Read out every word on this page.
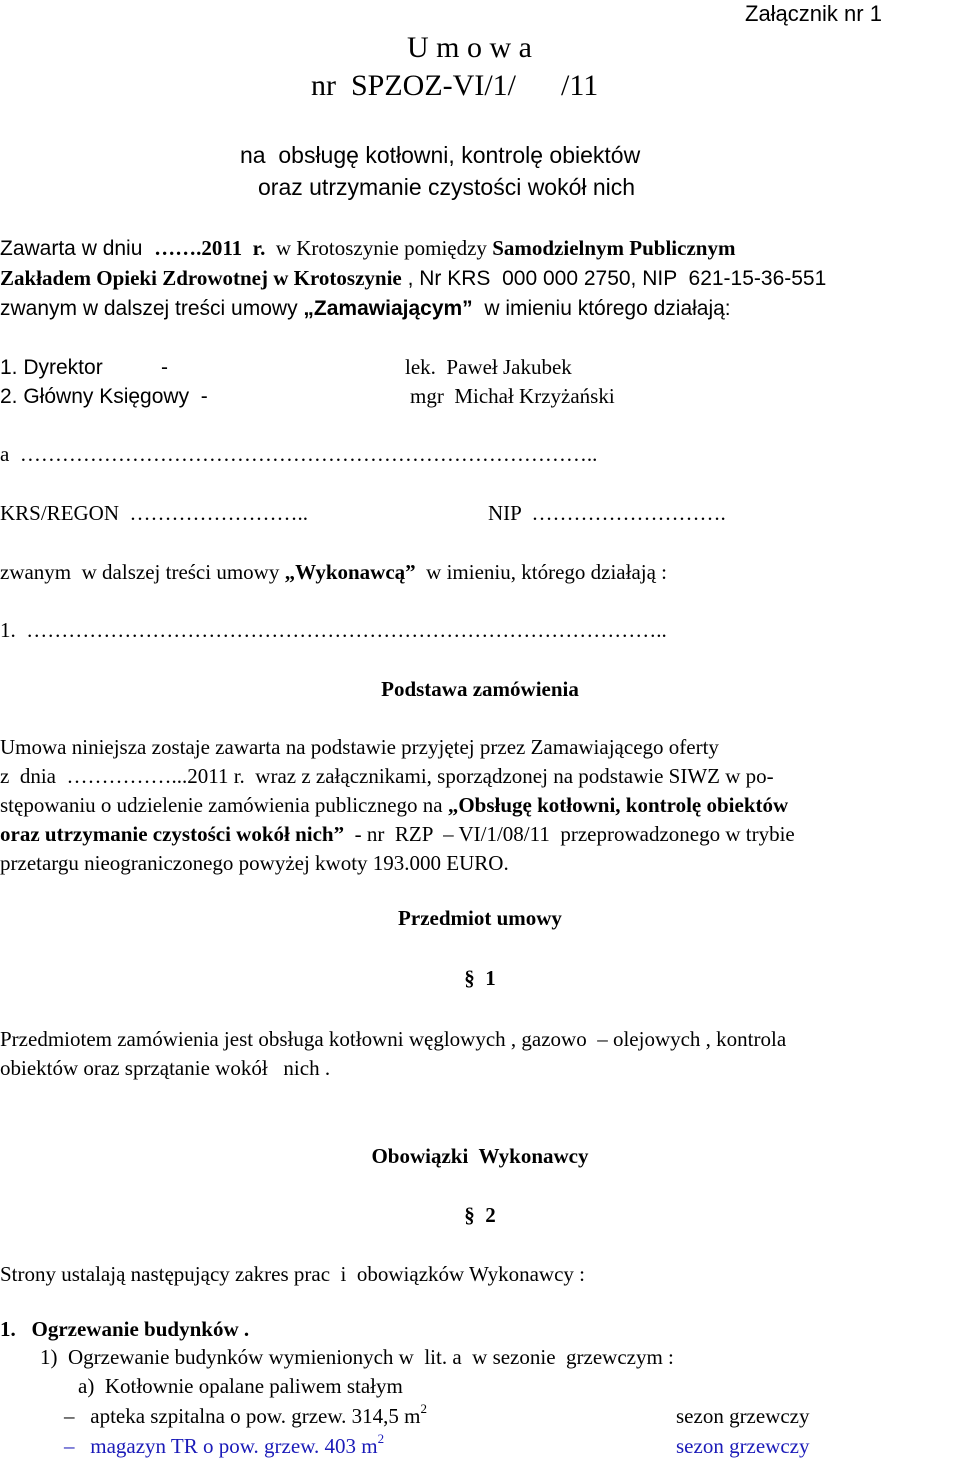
Załącznik nr 1
U m o w a
nr  SPZOZ-VI/1/      /11
na  obsługę kotłowni, kontrolę obiektów
oraz utrzymanie czystości wokół nich
Zawarta w dniu  …….2011  r.  w Krotoszynie pomiędzy Samodzielnym Publicznym
Zakładem Opieki Zdrowotnej w Krotoszynie , Nr KRS  000 000 2750, NIP  621-15-36-551
zwanym w dalszej treści umowy „Zamawiającym”  w imieniu którego działają:
1. Dyrektor          -	lek.  Paweł Jakubek
2. Główny Księgowy  -	mgr  Michał Krzyżański
a  ………………………………………………………………………..
KRS/REGON  ……………………..	NIP  ……………………….
zwanym  w dalszej treści umowy „Wykonawcą”  w imieniu, którego działają :
1.  ………………………………………………………………………………..
Podstawa zamówienia
Umowa niniejsza zostaje zawarta na podstawie przyjętej przez Zamawiającego oferty
z  dnia  ……………...2011 r.  wraz z załącznikami, sporządzonej na podstawie SIWZ w po-
stępowaniu o udzielenie zamówienia publicznego na „Obsługę kotłowni, kontrolę obiektów
oraz utrzymanie czystości wokół nich”  - nr  RZP  – VI/1/08/11  przeprowadzonego w trybie
przetargu nieograniczonego powyżej kwoty 193.000 EURO.
Przedmiot umowy
§  1
Przedmiotem zamówienia jest obsługa kotłowni węglowych , gazowo  – olejowych , kontrola
obiektów oraz sprzątanie wokół   nich .
Obowiązki  Wykonawcy
§  2
Strony ustalają następujący zakres prac  i  obowiązków Wykonawcy :
1.   Ogrzewanie budynków .
1)  Ogrzewanie budynków wymienionych w  lit. a  w sezonie  grzewczym :
a)  Kotłownie opalane paliwem stałym
–   apteka szpitalna o pow. grzew. 314,5 $m^2$	sezon grzewczy
–   magazyn TR o pow. grzew. 403 $m^2$	sezon grzewczy
